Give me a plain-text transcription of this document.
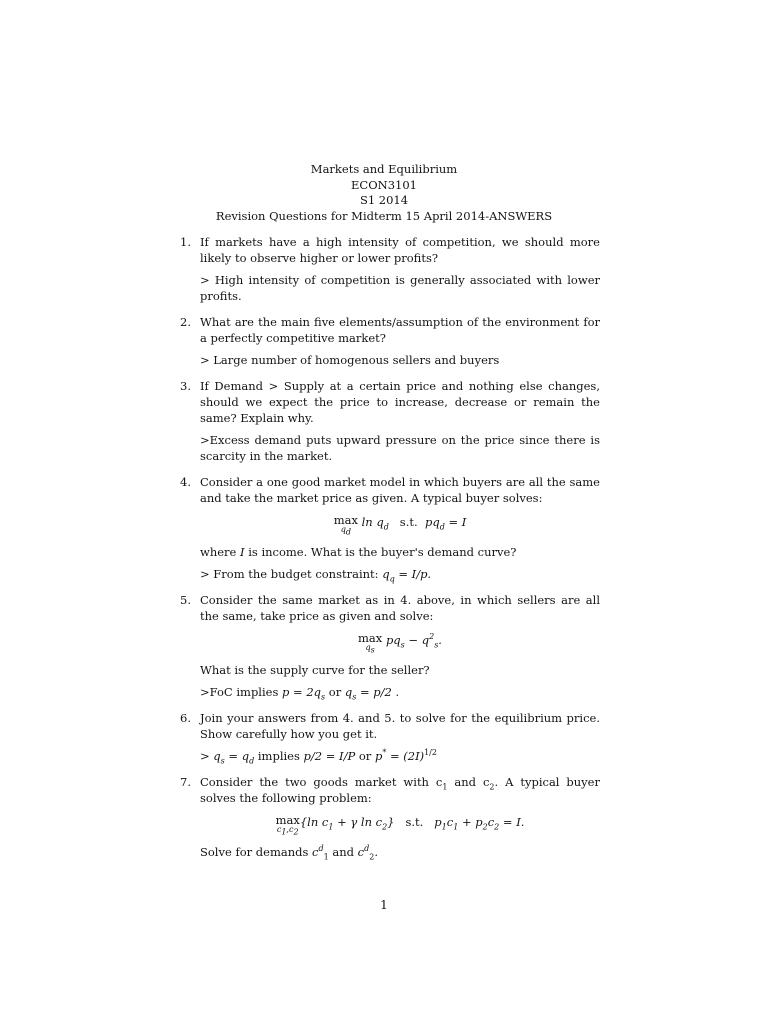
Markets and Equilibrium
ECON3101
S1 2014
Revision Questions for Midterm 15 April 2014-ANSWERS
1. If markets have a high intensity of competition, we should more likely to observe higher or lower profits?

> High intensity of competition is generally associated with lower profits.

2. What are the main five elements/assumption of the environment for a perfectly competitive market?

> Large number of homogenous sellers and buyers

3. If Demand > Supply at a certain price and nothing else changes, should we expect the price to increase, decrease or remain the same? Explain why.

>Excess demand puts upward pressure on the price since there is scarcity in the market.

4. Consider a one good market model in which buyers are all the same and take the market price as given. A typical buyer solves:

max
$q_d$
$\ln q_d$ s.t. $pq_d = I$

where I is income. What is the buyer's demand curve?

> From the budget constraint: $q_q = I/p$.

5. Consider the same market as in 4. above, in which sellers are all the same, take price as given and solve:

max
$q_s$
$pq_s - q^2_s$.

What is the supply curve for the seller?

>FoC implies $p = 2q_s$ or $q_s = p/2$ .

6. Join your answers from 4. and 5. to solve for the equilibrium price. Show carefully how you get it.

> $q_s = q_d$ implies p/2 = I/P or $p^* = (2I)^{1/2}$

7. Consider the two goods market with $c_1$ and $c_2$. A typical buyer solves the following problem:

max
$c_1,c_2$
{ln $c_1 + \gamma$ $\ln c_2$} s.t. $p_1c_1 + p_2c_2 = I$.

Solve for demands $c^d_1$ and $c^d_2$.

1
